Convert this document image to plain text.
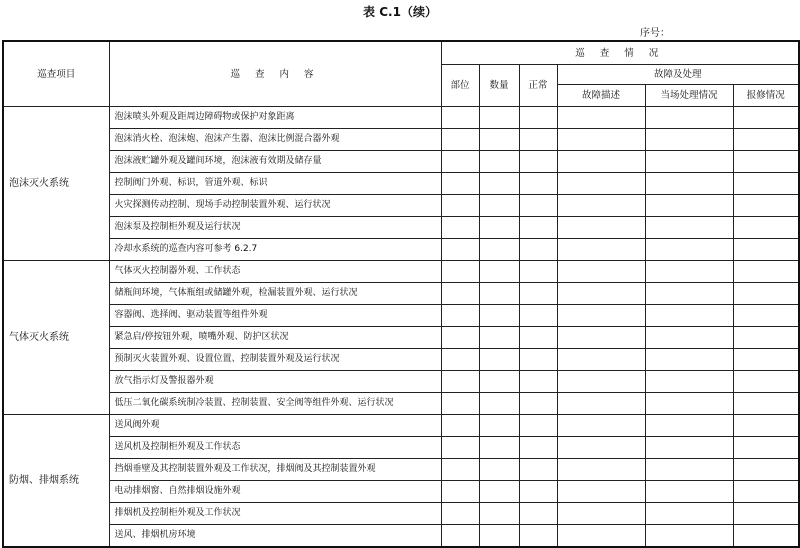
表 C.1（续）
序号：
巡查项目	巡 查 内 容	巡 查 情 况					
		部位	数量	正常	故障及处理		
					故障描述	当场处理情况	报修情况
泡沫灭火系统	泡沫喷头外观及距周边障碍物或保护对象距离						
	泡沫消火栓、泡沫炮、泡沫产生器、泡沫比例混合器外观						
	泡沫液贮罐外观及罐间环境，泡沫液有效期及储存量						
	控制阀门外观、标识，管道外观、标识						
	火灾探测传动控制、现场手动控制装置外观、运行状况						
	泡沫泵及控制柜外观及运行状况						
	冷却水系统的巡查内容可参考 6.2.7						
气体灭火系统	气体灭火控制器外观、工作状态						
	储瓶间环境，气体瓶组或储罐外观，检漏装置外观、运行状况						
	容器阀、选择阀、驱动装置等组件外观						
	紧急启/停按钮外观，喷嘴外观、防护区状况						
	预制灭火装置外观、设置位置、控制装置外观及运行状况						
	放气指示灯及警报器外观						
	低压二氧化碳系统制冷装置、控制装置、安全阀等组件外观、运行状况						
防烟、排烟系统	送风阀外观						
	送风机及控制柜外观及工作状态						
	挡烟垂壁及其控制装置外观及工作状况，排烟阀及其控制装置外观						
	电动排烟窗、自然排烟设施外观						
	排烟机及控制柜外观及工作状况						
	送风、排烟机房环境						
